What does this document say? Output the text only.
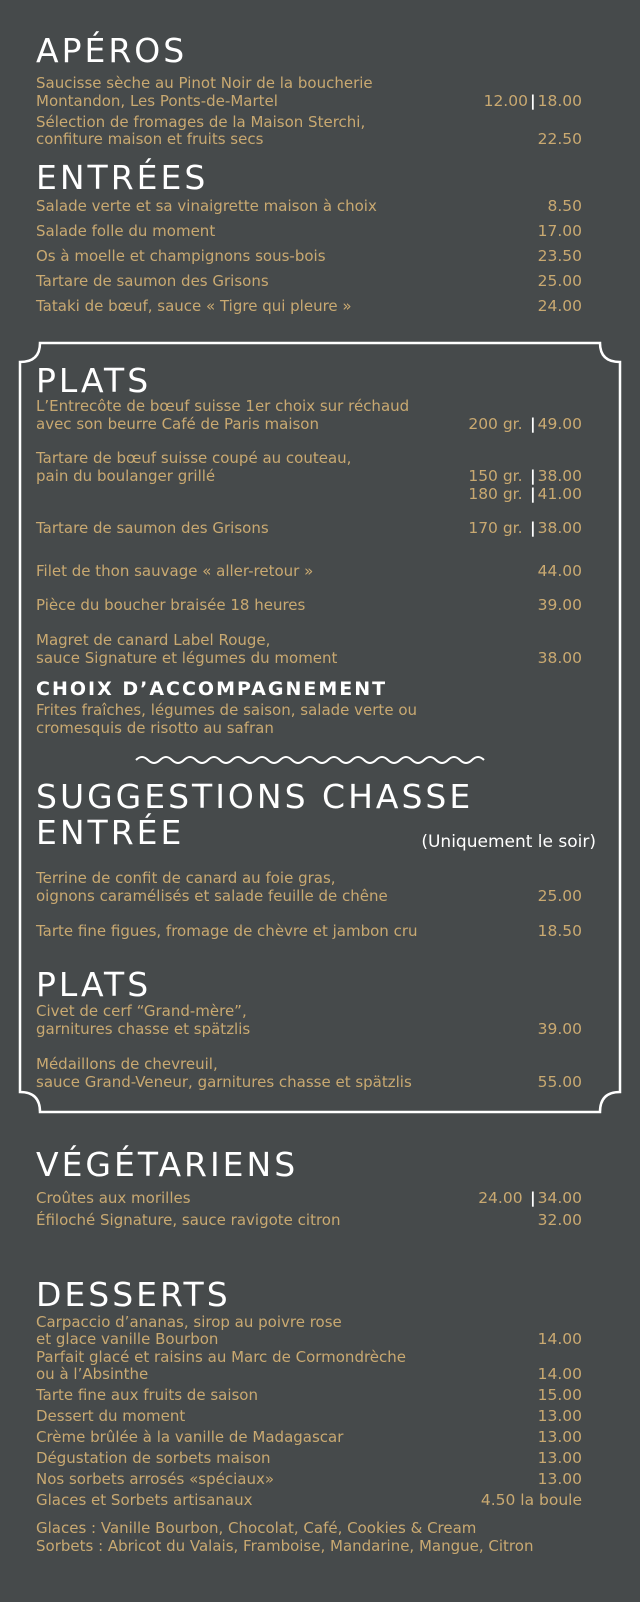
APÉROS
Saucisse sèche au Pinot Noir de la boucherie
Montandon, Les Ponts-de-Martel	12.00 | 18.00
Sélection de fromages de la Maison Sterchi,
confiture maison et fruits secs	22.50
ENTRÉES
Salade verte et sa vinaigrette maison à choix	8.50
Salade folle du moment	17.00
Os à moelle et champignons sous-bois	23.50
Tartare de saumon des Grisons	25.00
Tataki de bœuf, sauce « Tigre qui pleure »	24.00
PLATS
L’Entrecôte de bœuf suisse 1er choix sur réchaud
avec son beurre Café de Paris maison	200 gr. | 49.00
Tartare de bœuf suisse coupé au couteau,
pain du boulanger grillé	150 gr. | 38.00
180 gr. | 41.00
Tartare de saumon des Grisons	170 gr. | 38.00
Filet de thon sauvage « aller-retour »	44.00
Pièce du boucher braisée 18 heures	39.00
Magret de canard Label Rouge,
sauce Signature et légumes du moment	38.00
CHOIX D’ACCOMPAGNEMENT
Frites fraîches, légumes de saison, salade verte ou
cromesquis de risotto au safran
SUGGESTIONS CHASSE
ENTRÉE	(Uniquement le soir)
Terrine de confit de canard au foie gras,
oignons caramélisés et salade feuille de chêne	25.00
Tarte fine figues, fromage de chèvre et jambon cru	18.50
PLATS
Civet de cerf “Grand-mère”,
garnitures chasse et spätzlis	39.00
Médaillons de chevreuil,
sauce Grand-Veneur, garnitures chasse et spätzlis	55.00
VÉGÉTARIENS
Croûtes aux morilles	24.00 | 34.00
Éfiloché Signature, sauce ravigote citron	32.00
DESSERTS
Carpaccio d’ananas, sirop au poivre rose
et glace vanille Bourbon	14.00
Parfait glacé et raisins au Marc de Cormondrèche
ou à l’Absinthe	14.00
Tarte fine aux fruits de saison	15.00
Dessert du moment	13.00
Crème brûlée à la vanille de Madagascar	13.00
Dégustation de sorbets maison	13.00
Nos sorbets arrosés «spéciaux»	13.00
Glaces et Sorbets artisanaux	4.50 la boule
Glaces : Vanille Bourbon, Chocolat, Café, Cookies & Cream
Sorbets : Abricot du Valais, Framboise, Mandarine, Mangue, Citron
